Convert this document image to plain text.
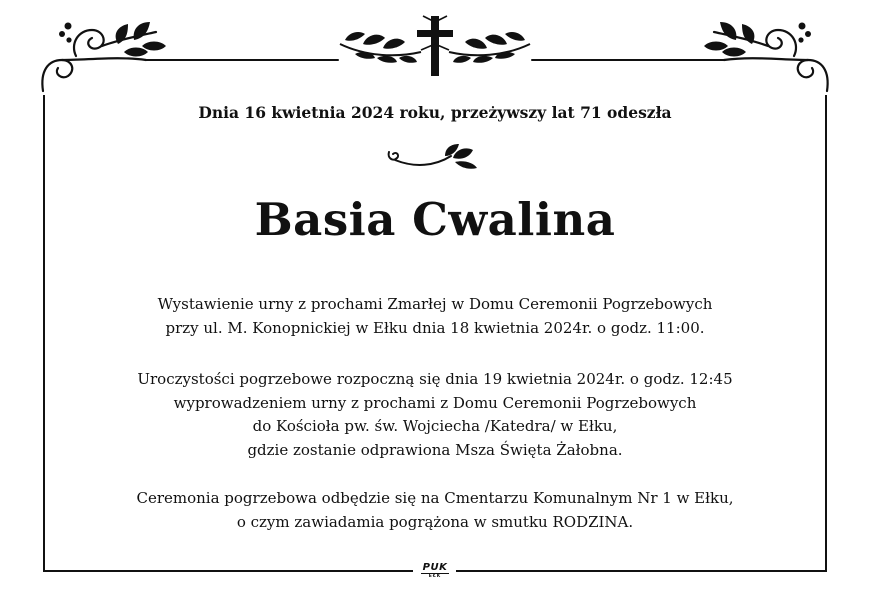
Dnia 16 kwietnia 2024 roku, przeżywszy lat 71 odeszła
Basia Cwalina
Wystawienie urny z prochami Zmarłej w Domu Ceremonii Pogrzebowych
przy ul. M. Konopnickiej w Ełku dnia 18 kwietnia 2024r. o godz. 11:00.
Uroczystości pogrzebowe rozpoczną się dnia 19 kwietnia 2024r. o godz. 12:45
wyprowadzeniem urny z prochami z Domu Ceremonii Pogrzebowych
do Kościoła pw. św. Wojciecha /Katedra/ w Ełku,
gdzie zostanie odprawiona Msza Święta Żałobna.
Ceremonia pogrzebowa odbędzie się na Cmentarzu Komunalnym Nr 1 w Ełku,
o czym zawiadamia pogrążona w smutku RODZINA.
PUK
EŁK
